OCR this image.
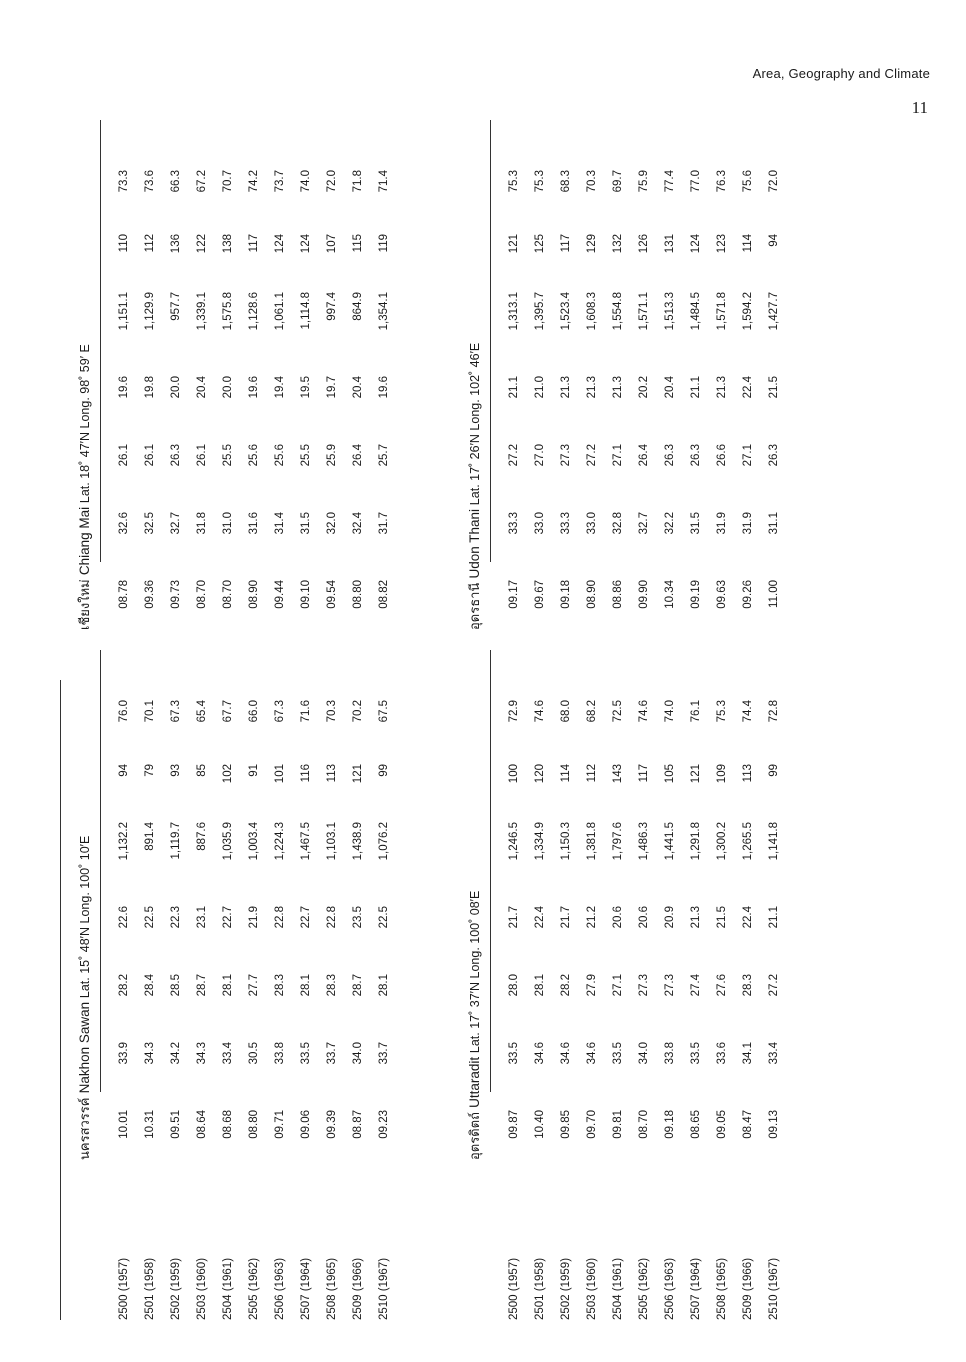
Area, Geography and Climate
11
2500 (1957) 2501 (1958) 2502 (1959) 2503 (1960) 2504 (1961) 2505 (1962) 2506 (1963) 2507 (1964) 2508 (1965) 2509 (1966) 2510 (1967)	2500 (1957) 2501 (1958) 2502 (1959) 2503 (1960) 2504 (1961) 2505 (1962) 2506 (1963) 2507 (1964) 2508 (1965) 2509 (1966) 2510 (1967)
นครสวรรค์ Nakhon Sawan Lat. 15˚ 48′N Long. 100˚ 10′E
10.01
33.9
28.2
22.6
1,132.2
94
76.0
10.31
34.3
28.4
22.5
891.4
79
70.1
09.51
34.2
28.5
22.3
1,119.7
93
67.3
08.64
34.3
28.7
23.1
887.6
85
65.4
08.68
33.4
28.1
22.7
1,035.9
102
67.7
08.80
30.5
27.7
21.9
1,003.4
91
66.0
09.71
33.8
28.3
22.8
1,224.3
101
67.3
09.06
33.5
28.1
22.7
1,467.5
116
71.6
09.39
33.7
28.3
22.8
1,103.1
113
70.3
08.87
34.0
28.7
23.5
1,438.9
121
70.2
09.23
33.7
28.1
22.5
1,076.2
99
67.5
อุตรดิตถ์ Uttaradit Lat. 17˚ 37′N Long. 100˚ 08′E
09.87
33.5
28.0
21.7
1,246.5
100
72.9
10.40
34.6
28.1
22.4
1,334.9
120
74.6
09.85
34.6
28.2
21.7
1,150.3
114
68.0
09.70
34.6
27.9
21.2
1,381.8
112
68.2
09.81
33.5
27.1
20.6
1,797.6
143
72.5
08.70
34.0
27.3
20.6
1,486.3
117
74.6
09.18
33.8
27.3
20.9
1,441.5
105
74.0
08.65
33.5
27.4
21.3
1,291.8
121
76.1
09.05
33.6
27.6
21.5
1,300.2
109
75.3
08.47
34.1
28.3
22.4
1,265.5
113
74.4
09.13
33.4
27.2
21.1
1,141.8
99
72.8
เชียงใหม่ Chiang Mai Lat. 18˚ 47′N Long. 98˚ 59′ E
08.78
32.6
26.1
19.6
1,151.1
110
73.3
09.36
32.5
26.1
19.8
1,129.9
112
73.6
09.73
32.7
26.3
20.0
957.7
136
66.3
08.70
31.8
26.1
20.4
1,339.1
122
67.2
08.70
31.0
25.5
20.0
1,575.8
138
70.7
08.90
31.6
25.6
19.6
1,128.6
117
74.2
09.44
31.4
25.6
19.4
1,061.1
124
73.7
09.10
31.5
25.5
19.5
1,114.8
124
74.0
09.54
32.0
25.9
19.7
997.4
107
72.0
08.80
32.4
26.4
20.4
864.9
115
71.8
08.82
31.7
25.7
19.6
1,354.1
119
71.4
อุดรธานี Udon Thani Lat. 17˚ 26′N Long. 102˚ 46′E
09.17
33.3
27.2
21.1
1,313.1
121
75.3
09.67
33.0
27.0
21.0
1,395.7
125
75.3
09.18
33.3
27.3
21.3
1,523.4
117
68.3
08.90
33.0
27.2
21.3
1,608.3
129
70.3
08.86
32.8
27.1
21.3
1,554.8
132
69.7
09.90
32.7
26.4
20.2
1,571.1
126
75.9
10.34
32.2
26.3
20.4
1,513.3
131
77.4
09.19
31.5
26.3
21.1
1,484.5
124
77.0
09.63
31.9
26.6
21.3
1,571.8
123
76.3
09.26
31.9
27.1
22.4
1,594.2
114
75.6
11.00
31.1
26.3
21.5
1,427.7
94
72.0
